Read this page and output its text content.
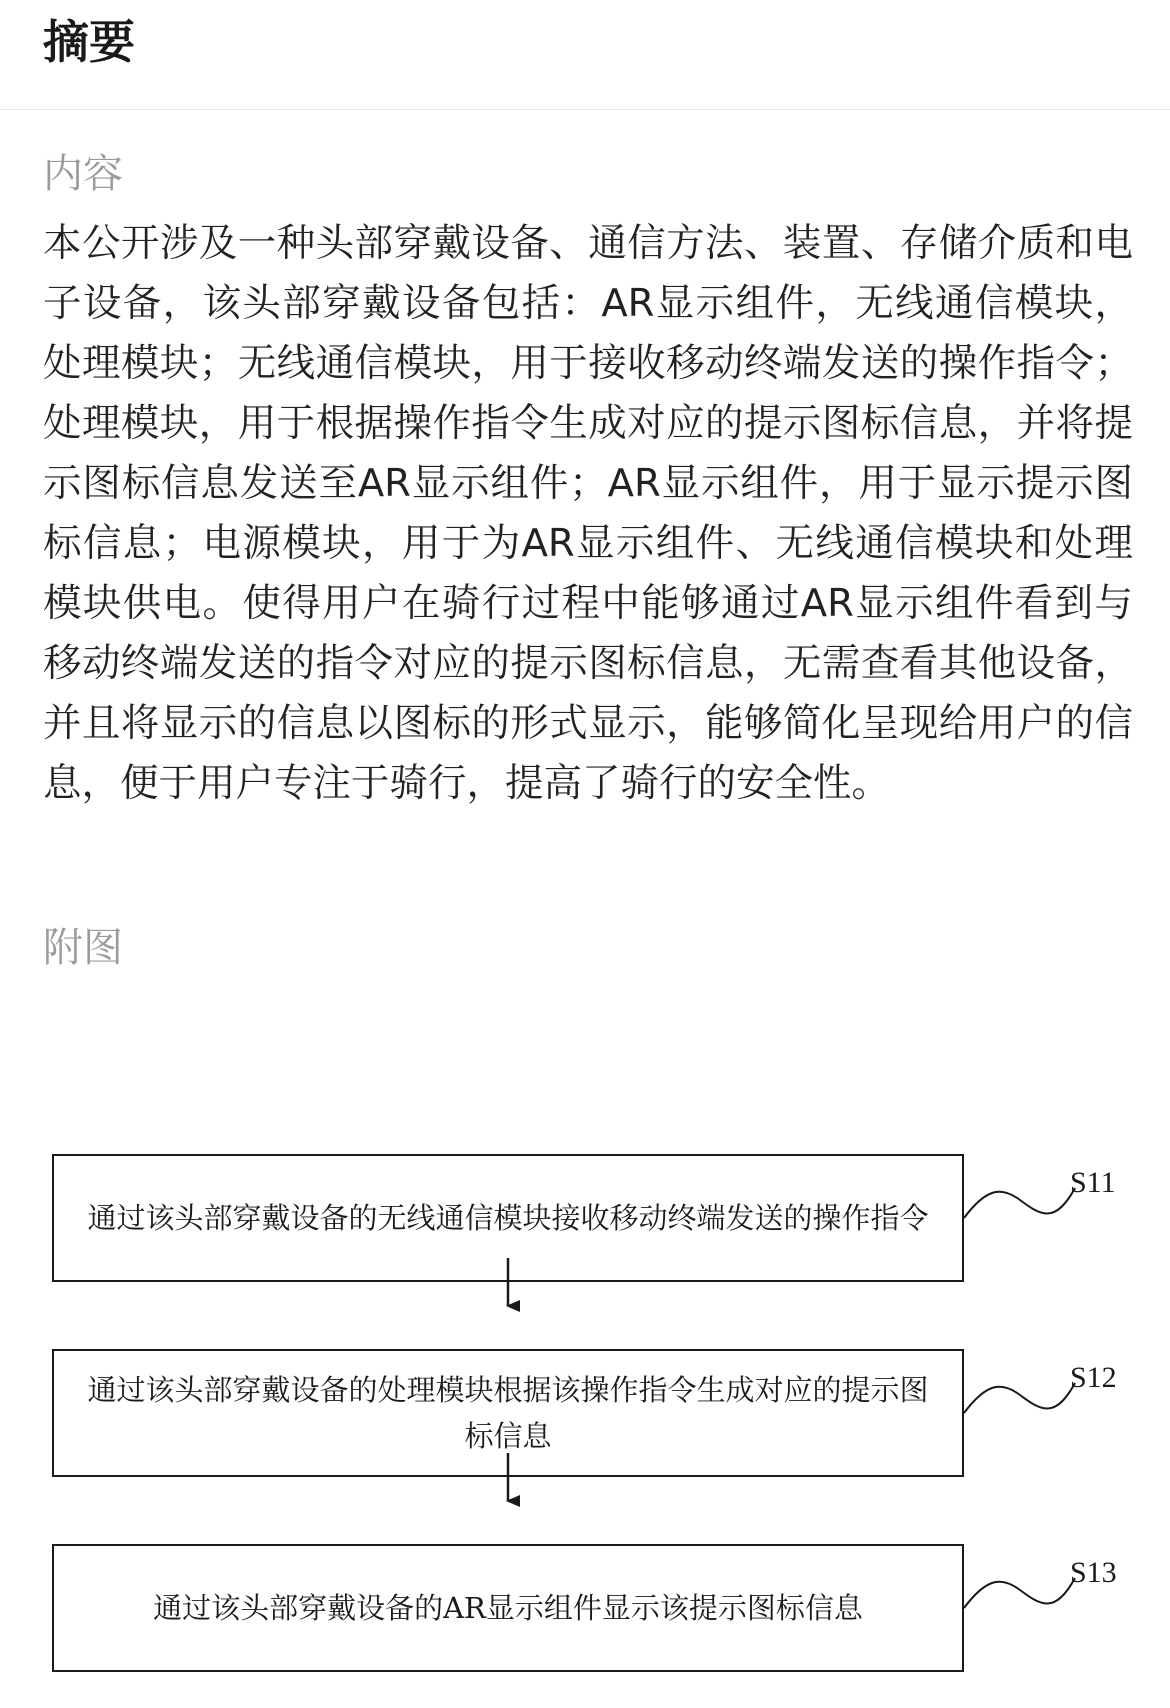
摘要
内容

本公开涉及一种头部穿戴设备、通信方法、装置、存储介质和电子设备，该头部穿戴设备包括：AR显示组件，无线通信模块，处理模块；无线通信模块，用于接收移动终端发送的操作指令；处理模块，用于根据操作指令生成对应的提示图标信息，并将提示图标信息发送至AR显示组件；AR显示组件，用于显示提示图标信息；电源模块，用于为AR显示组件、无线通信模块和处理模块供电。使得用户在骑行过程中能够通过AR显示组件看到与移动终端发送的指令对应的提示图标信息，无需查看其他设备，并且将显示的信息以图标的形式显示，能够简化呈现给用户的信息，便于用户专注于骑行，提高了骑行的安全性。

附图
通过该头部穿戴设备的无线通信模块接收移动终端发送的操作指令
S11
通过该头部穿戴设备的处理模块根据该操作指令生成对应的提示图标信息
S12
通过该头部穿戴设备的AR显示组件显示该提示图标信息
S13
